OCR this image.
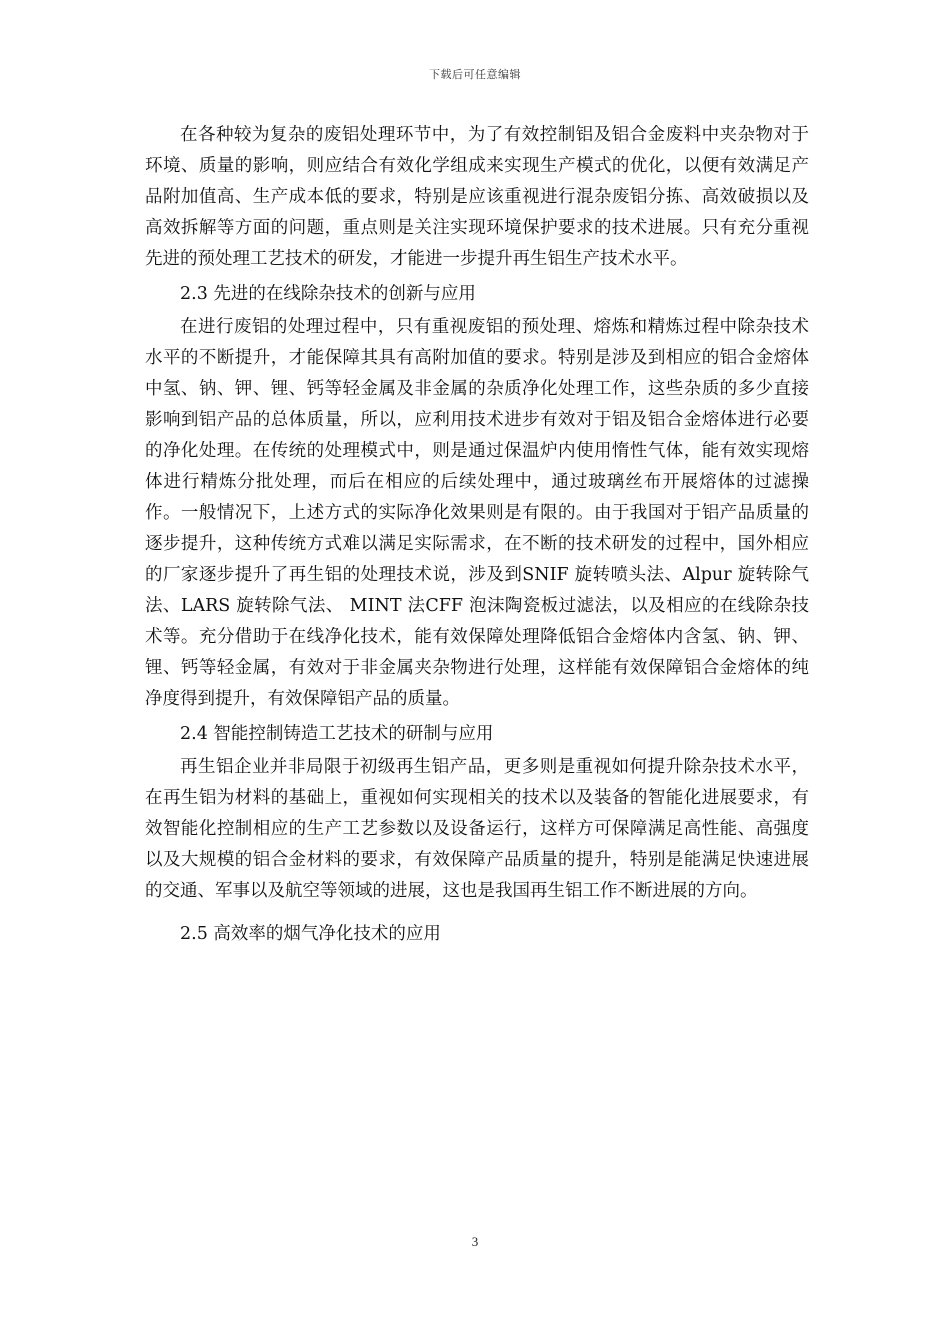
下载后可任意编辑

在各种较为复杂的废铝处理环节中，为了有效控制铝及铝合金废料中夹杂物对于环境、质量的影响，则应结合有效化学组成来实现生产模式的优化，以便有效满足产品附加值高、生产成本低的要求，特别是应该重视进行混杂废铝分拣、高效破损以及高效拆解等方面的问题，重点则是关注实现环境保护要求的技术进展。只有充分重视先进的预处理工艺技术的研发，才能进一步提升再生铝生产技术水平。

2.3 先进的在线除杂技术的创新与应用

在进行废铝的处理过程中，只有重视废铝的预处理、熔炼和精炼过程中除杂技术水平的不断提升，才能保障其具有高附加值的要求。特别是涉及到相应的铝合金熔体中氢、钠、钾、锂、钙等轻金属及非金属的杂质净化处理工作，这些杂质的多少直接影响到铝产品的总体质量，所以，应利用技术进步有效对于铝及铝合金熔体进行必要的净化处理。在传统的处理模式中，则是通过保温炉内使用惰性气体，能有效实现熔体进行精炼分批处理，而后在相应的后续处理中，通过玻璃丝布开展熔体的过滤操作。一般情况下，上述方式的实际净化效果则是有限的。由于我国对于铝产品质量的逐步提升，这种传统方式难以满足实际需求，在不断的技术研发的过程中，国外相应的厂家逐步提升了再生铝的处理技术说，涉及到SNIF 旋转喷头法、Alpur 旋转除气法、LARS 旋转除气法、 MINT 法CFF 泡沫陶瓷板过滤法，以及相应的在线除杂技术等。充分借助于在线净化技术，能有效保障处理降低铝合金熔体内含氢、钠、钾、锂、钙等轻金属，有效对于非金属夹杂物进行处理，这样能有效保障铝合金熔体的纯净度得到提升，有效保障铝产品的质量。

2.4 智能控制铸造工艺技术的研制与应用

再生铝企业并非局限于初级再生铝产品，更多则是重视如何提升除杂技术水平，在再生铝为材料的基础上，重视如何实现相关的技术以及装备的智能化进展要求，有效智能化控制相应的生产工艺参数以及设备运行，这样方可保障满足高性能、高强度以及大规模的铝合金材料的要求，有效保障产品质量的提升，特别是能满足快速进展的交通、军事以及航空等领域的进展，这也是我国再生铝工作不断进展的方向。

2.5 高效率的烟气净化技术的应用

3
